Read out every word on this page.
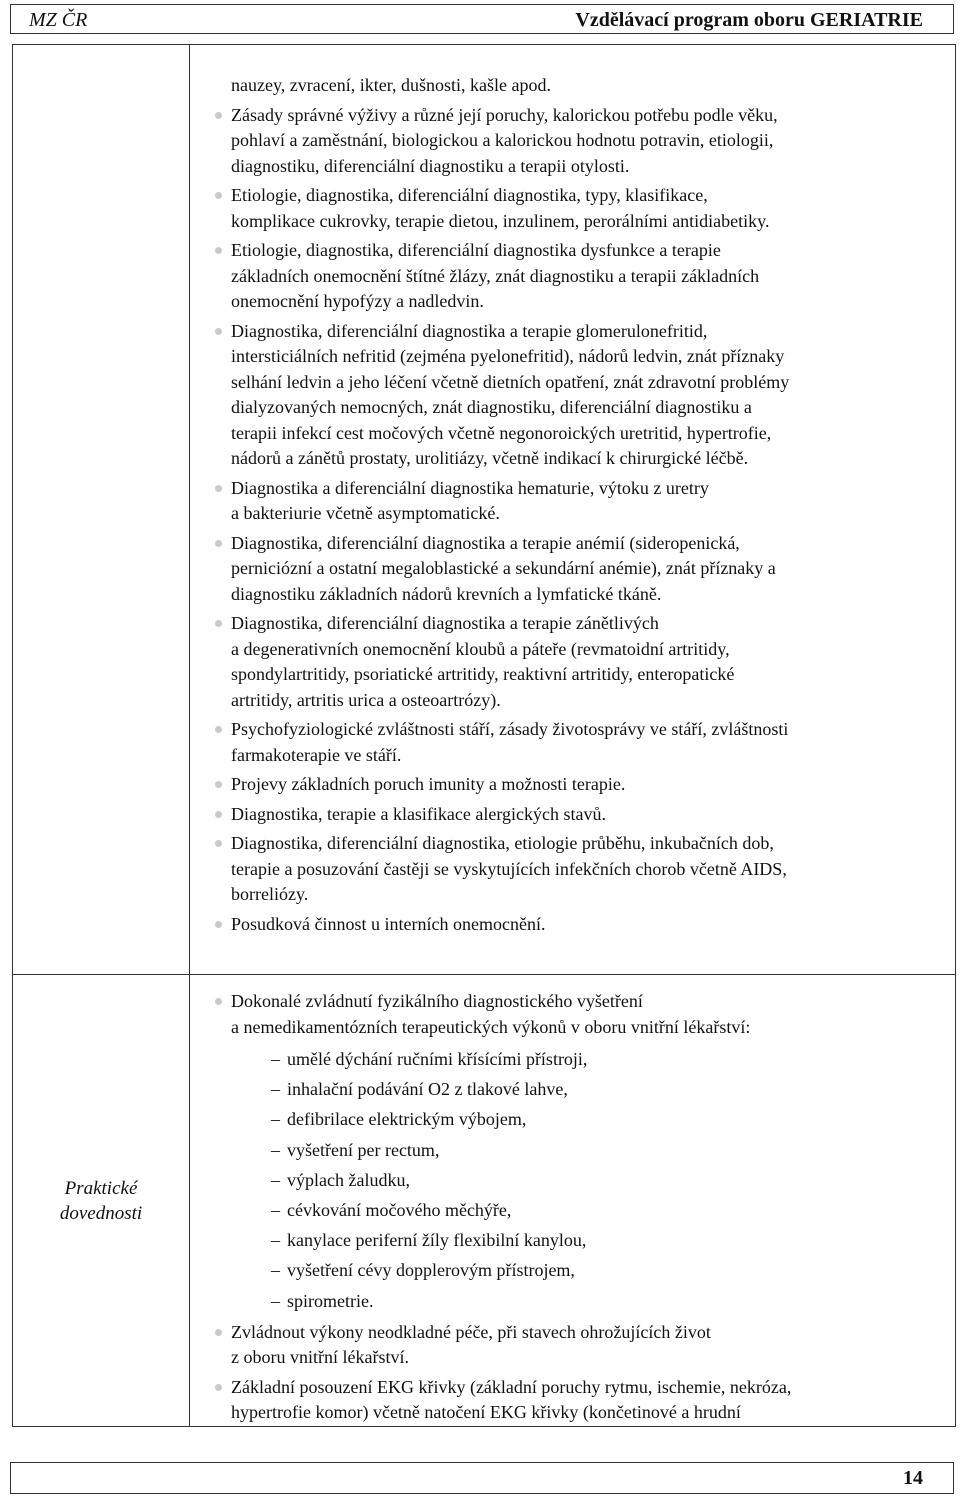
MZ ČR	Vzdělávací program oboru GERIATRIE
Praktické
dovednosti

nauzey, zvracení, ikter, dušnosti, kašle apod.

Zásady správné výživy a různé její poruchy, kalorickou potřebu podle věku,
pohlaví a zaměstnání, biologickou a kalorickou hodnotu potravin, etiologii,
diagnostiku, diferenciální diagnostiku a terapii otylosti.
Etiologie, diagnostika, diferenciální diagnostika, typy, klasifikace,
komplikace cukrovky, terapie dietou, inzulinem, perorálními antidiabetiky.
Etiologie, diagnostika, diferenciální diagnostika dysfunkce a terapie
základních onemocnění štítné žlázy, znát diagnostiku a terapii základních
onemocnění hypofýzy a nadledvin.
Diagnostika, diferenciální diagnostika a terapie glomerulonefritid,
intersticiálních nefritid (zejména pyelonefritid), nádorů ledvin, znát příznaky
selhání ledvin a jeho léčení včetně dietních opatření, znát zdravotní problémy
dialyzovaných nemocných, znát diagnostiku, diferenciální diagnostiku a
terapii infekcí cest močových včetně negonoroických uretritid, hypertrofie,
nádorů a zánětů prostaty, urolitiázy, včetně indikací k chirurgické léčbě.
Diagnostika a diferenciální diagnostika hematurie, výtoku z uretry
a bakteriurie včetně asymptomatické.
Diagnostika, diferenciální diagnostika a terapie anémií (sideropenická,
perniciózní a ostatní megaloblastické a sekundární anémie), znát příznaky a
diagnostiku základních nádorů krevních a lymfatické tkáně.
Diagnostika, diferenciální diagnostika a terapie zánětlivých
a degenerativních onemocnění kloubů a páteře (revmatoidní artritidy,
spondylartritidy, psoriatické artritidy, reaktivní artritidy, enteropatické
artritidy, artritis urica a osteoartrózy).
Psychofyziologické zvláštnosti stáří, zásady životosprávy ve stáří, zvláštnosti
farmakoterapie ve stáří.
Projevy základních poruch imunity a možnosti terapie.
Diagnostika, terapie a klasifikace alergických stavů.
Diagnostika, diferenciální diagnostika, etiologie průběhu, inkubačních dob,
terapie a posuzování častěji se vyskytujících infekčních chorob včetně AIDS,
borreliózy.
Posudková činnost u interních onemocnění.
Dokonalé zvládnutí fyzikálního diagnostického vyšetření
a nemedikamentózních terapeutických výkonů v oboru vnitřní lékařství:
– umělé dýchání ručními křísícími přístroji,
– inhalační podávání O2 z tlakové lahve,
– defibrilace elektrickým výbojem,
– vyšetření per rectum,
– výplach žaludku,
– cévkování močového měchýře,
– kanylace periferní žíly flexibilní kanylou,
– vyšetření cévy dopplerovým přístrojem,
– spirometrie.
Zvládnout výkony neodkladné péče, při stavech ohrožujících život
z oboru vnitřní lékařství.
Základní posouzení EKG křivky (základní poruchy rytmu, ischemie, nekróza,
hypertrofie komor) včetně natočení EKG křivky (končetinové a hrudní
14
